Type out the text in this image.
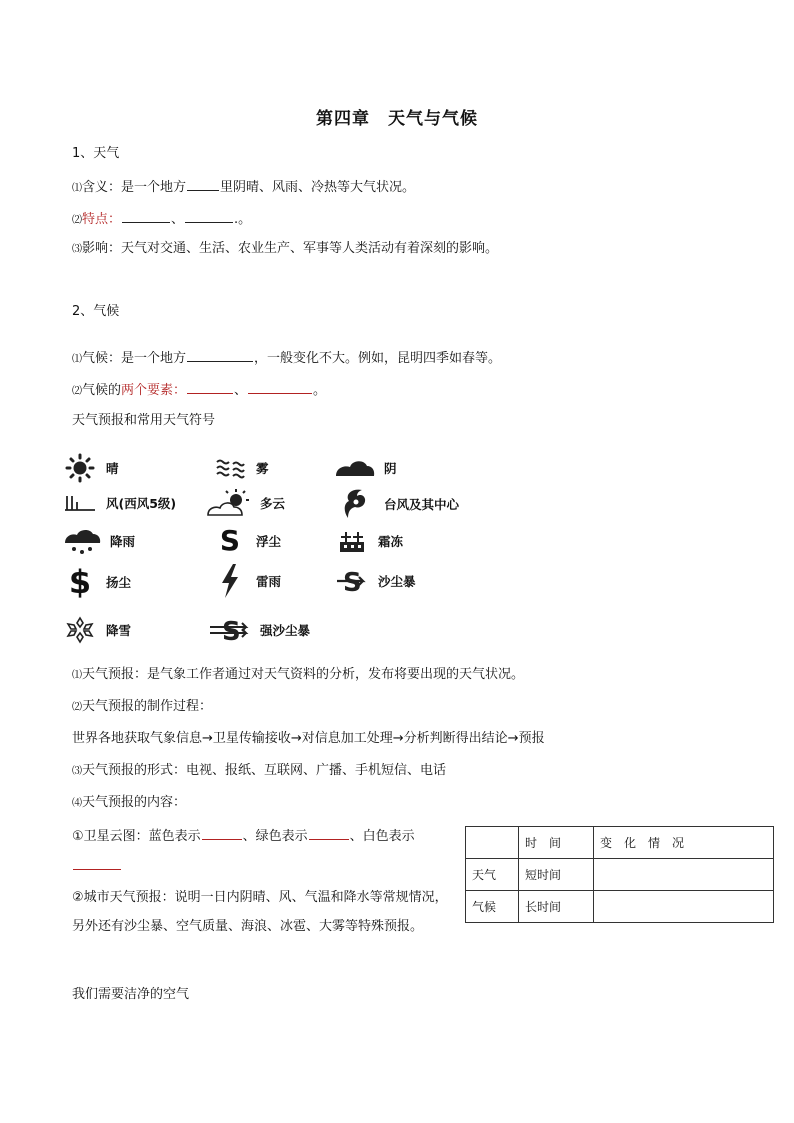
第四章　天气与气候
1、天气
⑴含义：是一个地方	里阴晴、风雨、冷热等大气状况。
⑵特点：	、	.。
⑶影响：天气对交通、生活、农业生产、军事等人类活动有着深刻的影响。
2、气候
⑴气候：是一个地方	，一般变化不大。例如，昆明四季如春等。
⑵气候的两个要素：	、	。
天气预报和常用天气符号
晴	雾	阴
风(西风5级)	多云	台风及其中心
降雨	S 浮尘	霜冻
$ 扬尘	雷雨 S 沙尘暴
降雪	S 强沙尘暴
⑴天气预报：是气象工作者通过对天气资料的分析，发布将要出现的天气状况。
⑵天气预报的制作过程：
世界各地获取气象信息→卫星传输接收→对信息加工处理→分析判断得出结论→预报
⑶天气预报的形式：电视、报纸、互联网、广播、手机短信、电话
⑷天气预报的内容：
①卫星云图：蓝色表示	、绿色表示	、白色表示
②城市天气预报：说明一日内阴晴、风、气温和降水等常规情况，另外还有沙尘暴、空气质量、海浪、冰雹、大雾等特殊预报。
我们需要洁净的空气
	时　间	变　化　情　况
天气	短时间	
气候	长时间	
